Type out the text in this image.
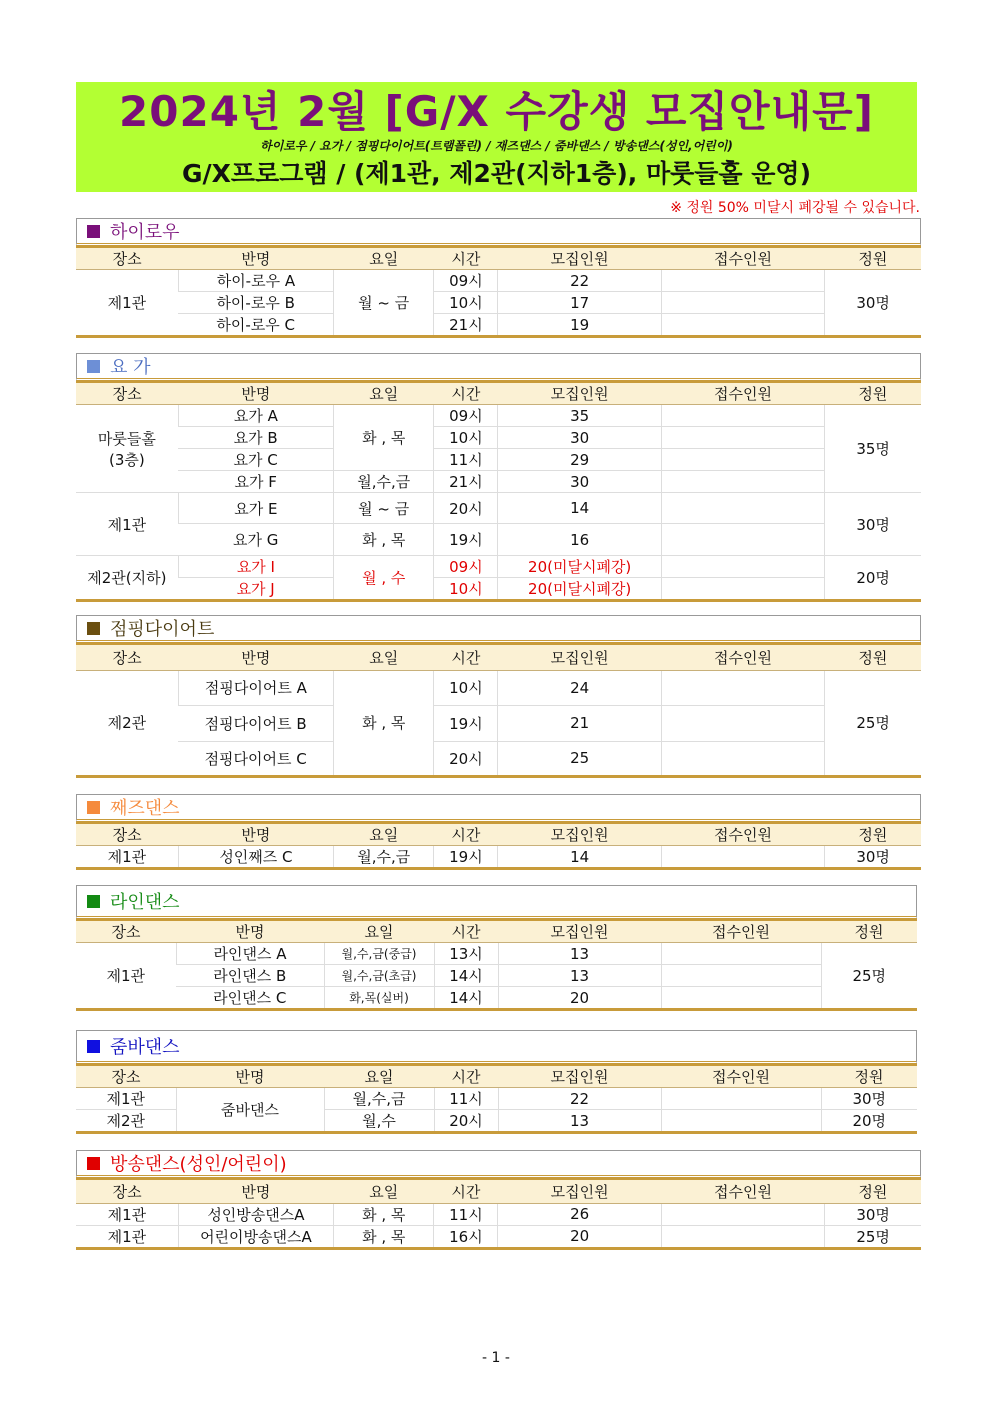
2024년 2월 [G/X 수강생 모집안내문]
하이로우 / 요가 / 점핑다이어트(트램폴린) / 재즈댄스 / 줌바댄스 / 방송댄스(성인,어린이)
G/X프로그램 / (제1관, 제2관(지하1층), 마룻들홀 운영)
※ 정원 50% 미달시 폐강될 수 있습니다.
하이로우
장소	반명	요일	시간	모집인원	접수인원	정원
제1관	하이-로우 A	월 ~ 금	09시	22		30명
	하이-로우 B		10시	17		
	하이-로우 C		21시	19		
요 가
장소	반명	요일	시간	모집인원	접수인원	정원
마룻들홀
(3층)	요가 A	화 , 목	09시	35		35명
	요가 B		10시	30		
	요가 C		11시	29		
	요가 F	월,수,금	21시	30		
제1관	요가 E	월 ~ 금	20시	14		30명
	요가 G	화 , 목	19시	16		
제2관(지하)	요가 I	월 , 수	09시	20(미달시폐강)		20명
	요가 J		10시	20(미달시폐강)		
점핑다이어트
장소	반명	요일	시간	모집인원	접수인원	정원
제2관	점핑다이어트 A	화 , 목	10시	24		25명
	점핑다이어트 B		19시	21		
	점핑다이어트 C		20시	25		
째즈댄스
장소	반명	요일	시간	모집인원	접수인원	정원
제1관	성인째즈 C	월,수,금	19시	14		30명
라인댄스
장소	반명	요일	시간	모집인원	접수인원	정원
제1관	라인댄스 A	월,수,금(중급)	13시	13		25명
	라인댄스 B	월,수,금(초급)	14시	13		
	라인댄스 C	화,목(실버)	14시	20		
줌바댄스
장소	반명	요일	시간	모집인원	접수인원	정원
제1관	줌바댄스	월,수,금	11시	22		30명
제2관		월,수	20시	13		20명
방송댄스(성인/어린이)
장소	반명	요일	시간	모집인원	접수인원	정원
제1관	성인방송댄스A	화 , 목	11시	26		30명
제1관	어린이방송댄스A	화 , 목	16시	20		25명
- 1 -
